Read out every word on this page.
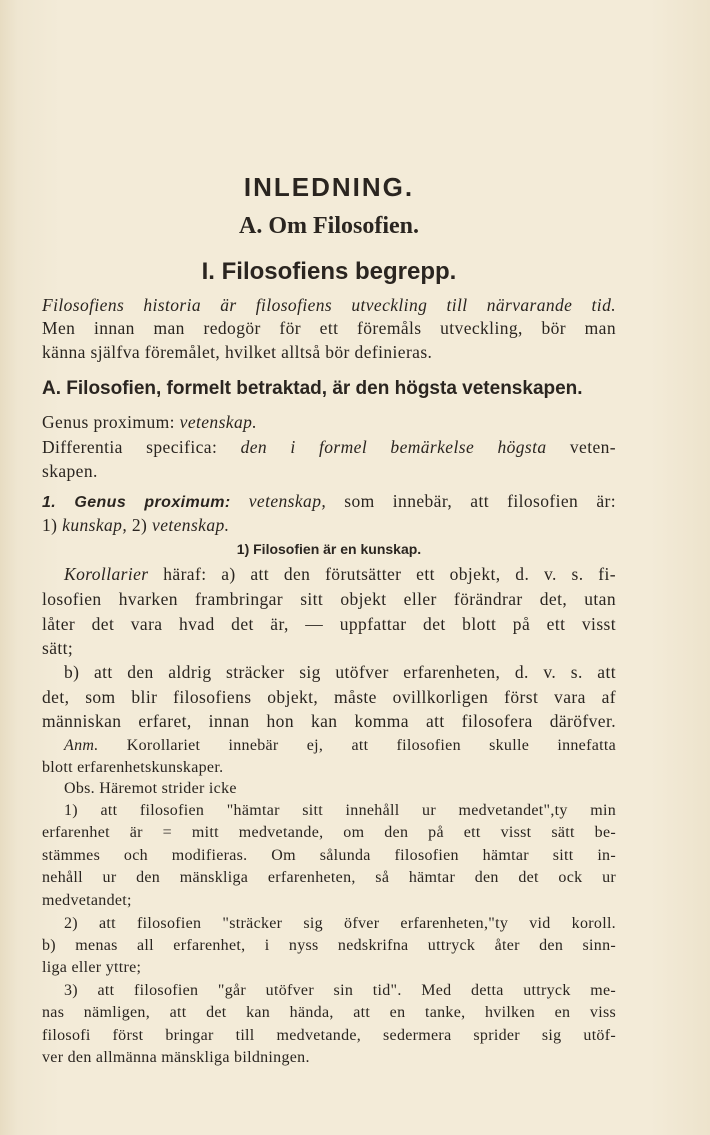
INLEDNING.
A. Om Filosofien.
I. Filosofiens begrepp.
Filosofiens historia är filosofiens utveckling till närvarande tid.
Men innan man redogör för ett föremåls utveckling, bör man
känna själfva föremålet, hvilket alltså bör definieras.
A. Filosofien, formelt betraktad, är den högsta vetenskapen.
Genus proximum: vetenskap.
Differentia specifica: den i formel bemärkelse högsta veten-
skapen.
1. Genus proximum: vetenskap, som innebär, att filosofien är:
1) kunskap, 2) vetenskap.
1) Filosofien är en kunskap.
Korollarier häraf: a) att den förutsätter ett objekt, d. v. s. fi-
losofien hvarken frambringar sitt objekt eller förändrar det, utan
låter det vara hvad det är, — uppfattar det blott på ett visst
sätt;
b) att den aldrig sträcker sig utöfver erfarenheten, d. v. s. att
det, som blir filosofiens objekt, måste ovillkorligen först vara af
människan erfaret, innan hon kan komma att filosofera däröfver.
Anm. Korollariet innebär ej, att filosofien skulle innefatta
blott erfarenhetskunskaper.
Obs. Häremot strider icke
1) att filosofien "hämtar sitt innehåll ur medvetandet",ty min
erfarenhet är = mitt medvetande, om den på ett visst sätt be-
stämmes och modifieras. Om sålunda filosofien hämtar sitt in-
nehåll ur den mänskliga erfarenheten, så hämtar den det ock ur
medvetandet;
2) att filosofien "sträcker sig öfver erfarenheten,"ty vid koroll.
b) menas all erfarenhet, i nyss nedskrifna uttryck åter den sinn-
liga eller yttre;
3) att filosofien "går utöfver sin tid". Med detta uttryck me-
nas nämligen, att det kan hända, att en tanke, hvilken en viss
filosofi först bringar till medvetande, sedermera sprider sig utöf-
ver den allmänna mänskliga bildningen.
